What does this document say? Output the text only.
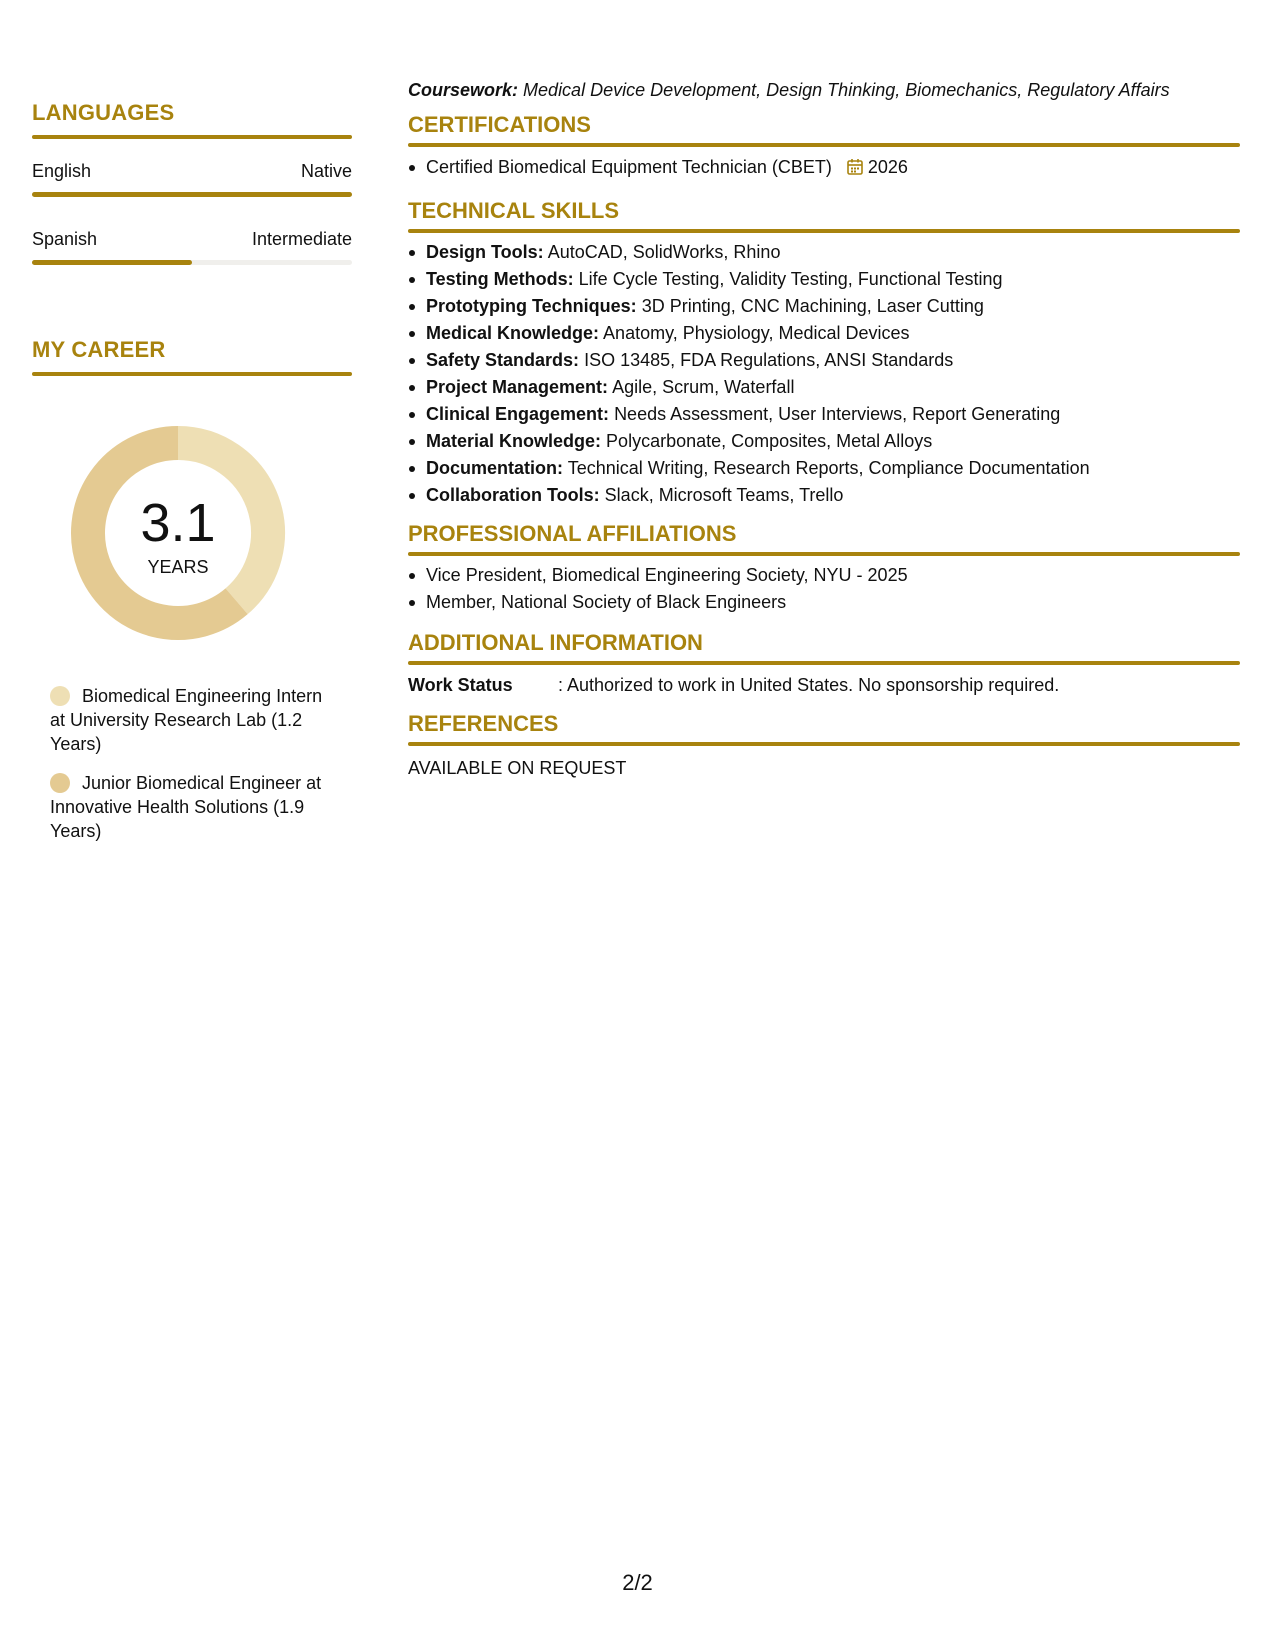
LANGUAGES
English	Native
Spanish	Intermediate
MY CAREER
3.1
YEARS
Biomedical Engineering Intern at University Research Lab (1.2 Years)
Junior Biomedical Engineer at Innovative Health Solutions (1.9 Years)
Coursework: Medical Device Development, Design Thinking, Biomechanics, Regulatory Affairs
CERTIFICATIONS
Certified Biomedical Equipment Technician (CBET) 2026
TECHNICAL SKILLS
Design Tools: AutoCAD, SolidWorks, Rhino
Testing Methods: Life Cycle Testing, Validity Testing, Functional Testing
Prototyping Techniques: 3D Printing, CNC Machining, Laser Cutting
Medical Knowledge: Anatomy, Physiology, Medical Devices
Safety Standards: ISO 13485, FDA Regulations, ANSI Standards
Project Management: Agile, Scrum, Waterfall
Clinical Engagement: Needs Assessment, User Interviews, Report Generating
Material Knowledge: Polycarbonate, Composites, Metal Alloys
Documentation: Technical Writing, Research Reports, Compliance Documentation
Collaboration Tools: Slack, Microsoft Teams, Trello
PROFESSIONAL AFFILIATIONS
Vice President, Biomedical Engineering Society, NYU - 2025
Member, National Society of Black Engineers
ADDITIONAL INFORMATION
Work Status	: Authorized to work in United States. No sponsorship required.
REFERENCES
AVAILABLE ON REQUEST
2/2
